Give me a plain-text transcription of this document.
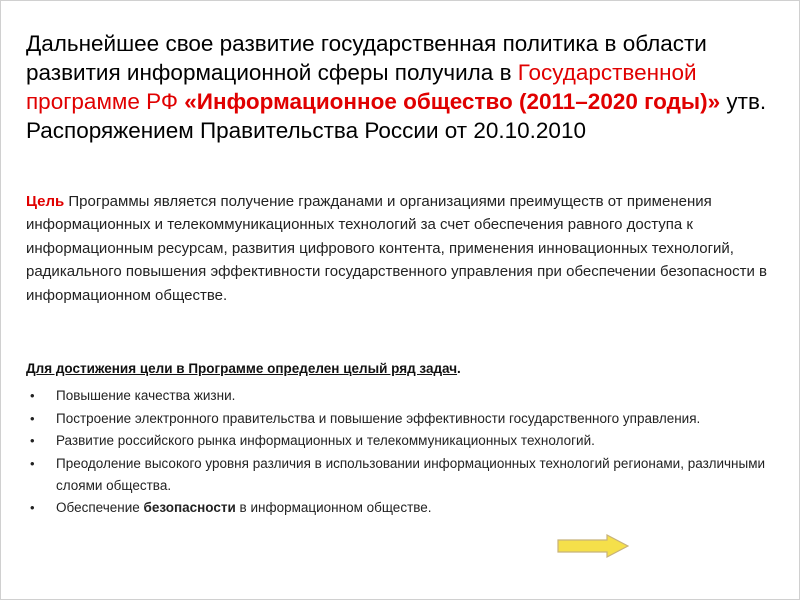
Дальнейшее свое развитие государственная политика в области развития информационной сферы получила в Государственной программе РФ «Информационное общество (2011–2020 годы)» утв. Распоряжением Правительства России от 20.10.2010

Цель Программы является получение гражданами и организациями преимуществ от применения информационных и телекоммуникационных технологий за счет обеспечения равного доступа к информационным ресурсам, развития цифрового контента, применения инновационных технологий, радикального повышения эффективности государственного управления при обеспечении безопасности в информационном обществе.

Для достижения цели в Программе определен целый ряд задач.

• Повышение качества жизни.
• Построение электронного правительства и повышение эффективности государственного управления.
• Развитие российского рынка информационных и телекоммуникационных технологий.
• Преодоление высокого уровня различия в использовании информационных технологий регионами, различными слоями общества.
• Обеспечение безопасности в информационном обществе.
